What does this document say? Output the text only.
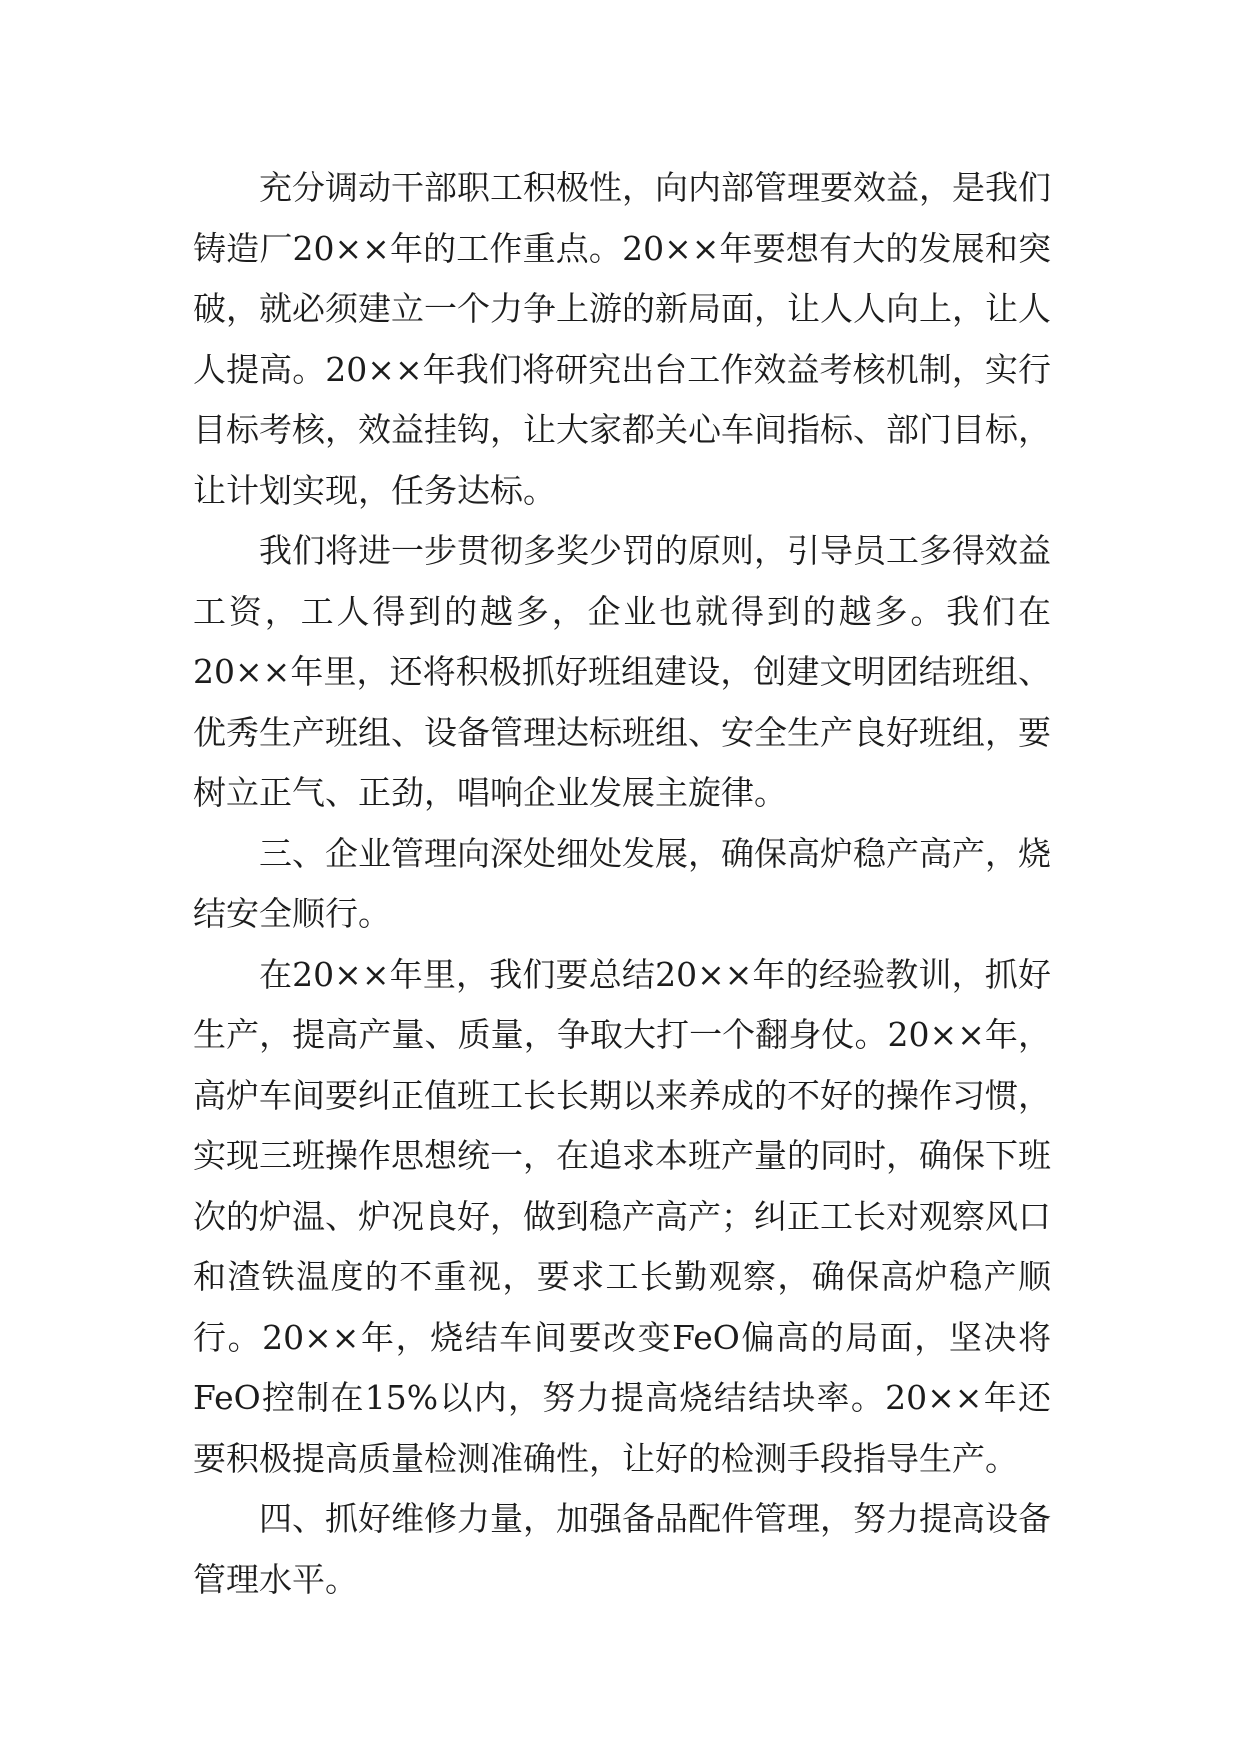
充分调动干部职工积极性，向内部管理要效益，是我们铸造厂20××年的工作重点。20××年要想有大的发展和突破，就必须建立一个力争上游的新局面，让人人向上，让人人提高。20××年我们将研究出台工作效益考核机制，实行目标考核，效益挂钩，让大家都关心车间指标、部门目标，让计划实现，任务达标。

我们将进一步贯彻多奖少罚的原则，引导员工多得效益工资，工人得到的越多，企业也就得到的越多。我们在20××年里，还将积极抓好班组建设，创建文明团结班组、优秀生产班组、设备管理达标班组、安全生产良好班组，要树立正气、正劲，唱响企业发展主旋律。

三、企业管理向深处细处发展，确保高炉稳产高产，烧结安全顺行。

在20××年里，我们要总结20××年的经验教训，抓好生产，提高产量、质量，争取大打一个翻身仗。20××年，高炉车间要纠正值班工长长期以来养成的不好的操作习惯，实现三班操作思想统一，在追求本班产量的同时，确保下班次的炉温、炉况良好，做到稳产高产；纠正工长对观察风口和渣铁温度的不重视，要求工长勤观察，确保高炉稳产顺行。20××年，烧结车间要改变FeO偏高的局面，坚决将FeO控制在15%以内，努力提高烧结结块率。20××年还要积极提高质量检测准确性，让好的检测手段指导生产。

四、抓好维修力量，加强备品配件管理，努力提高设备管理水平。
